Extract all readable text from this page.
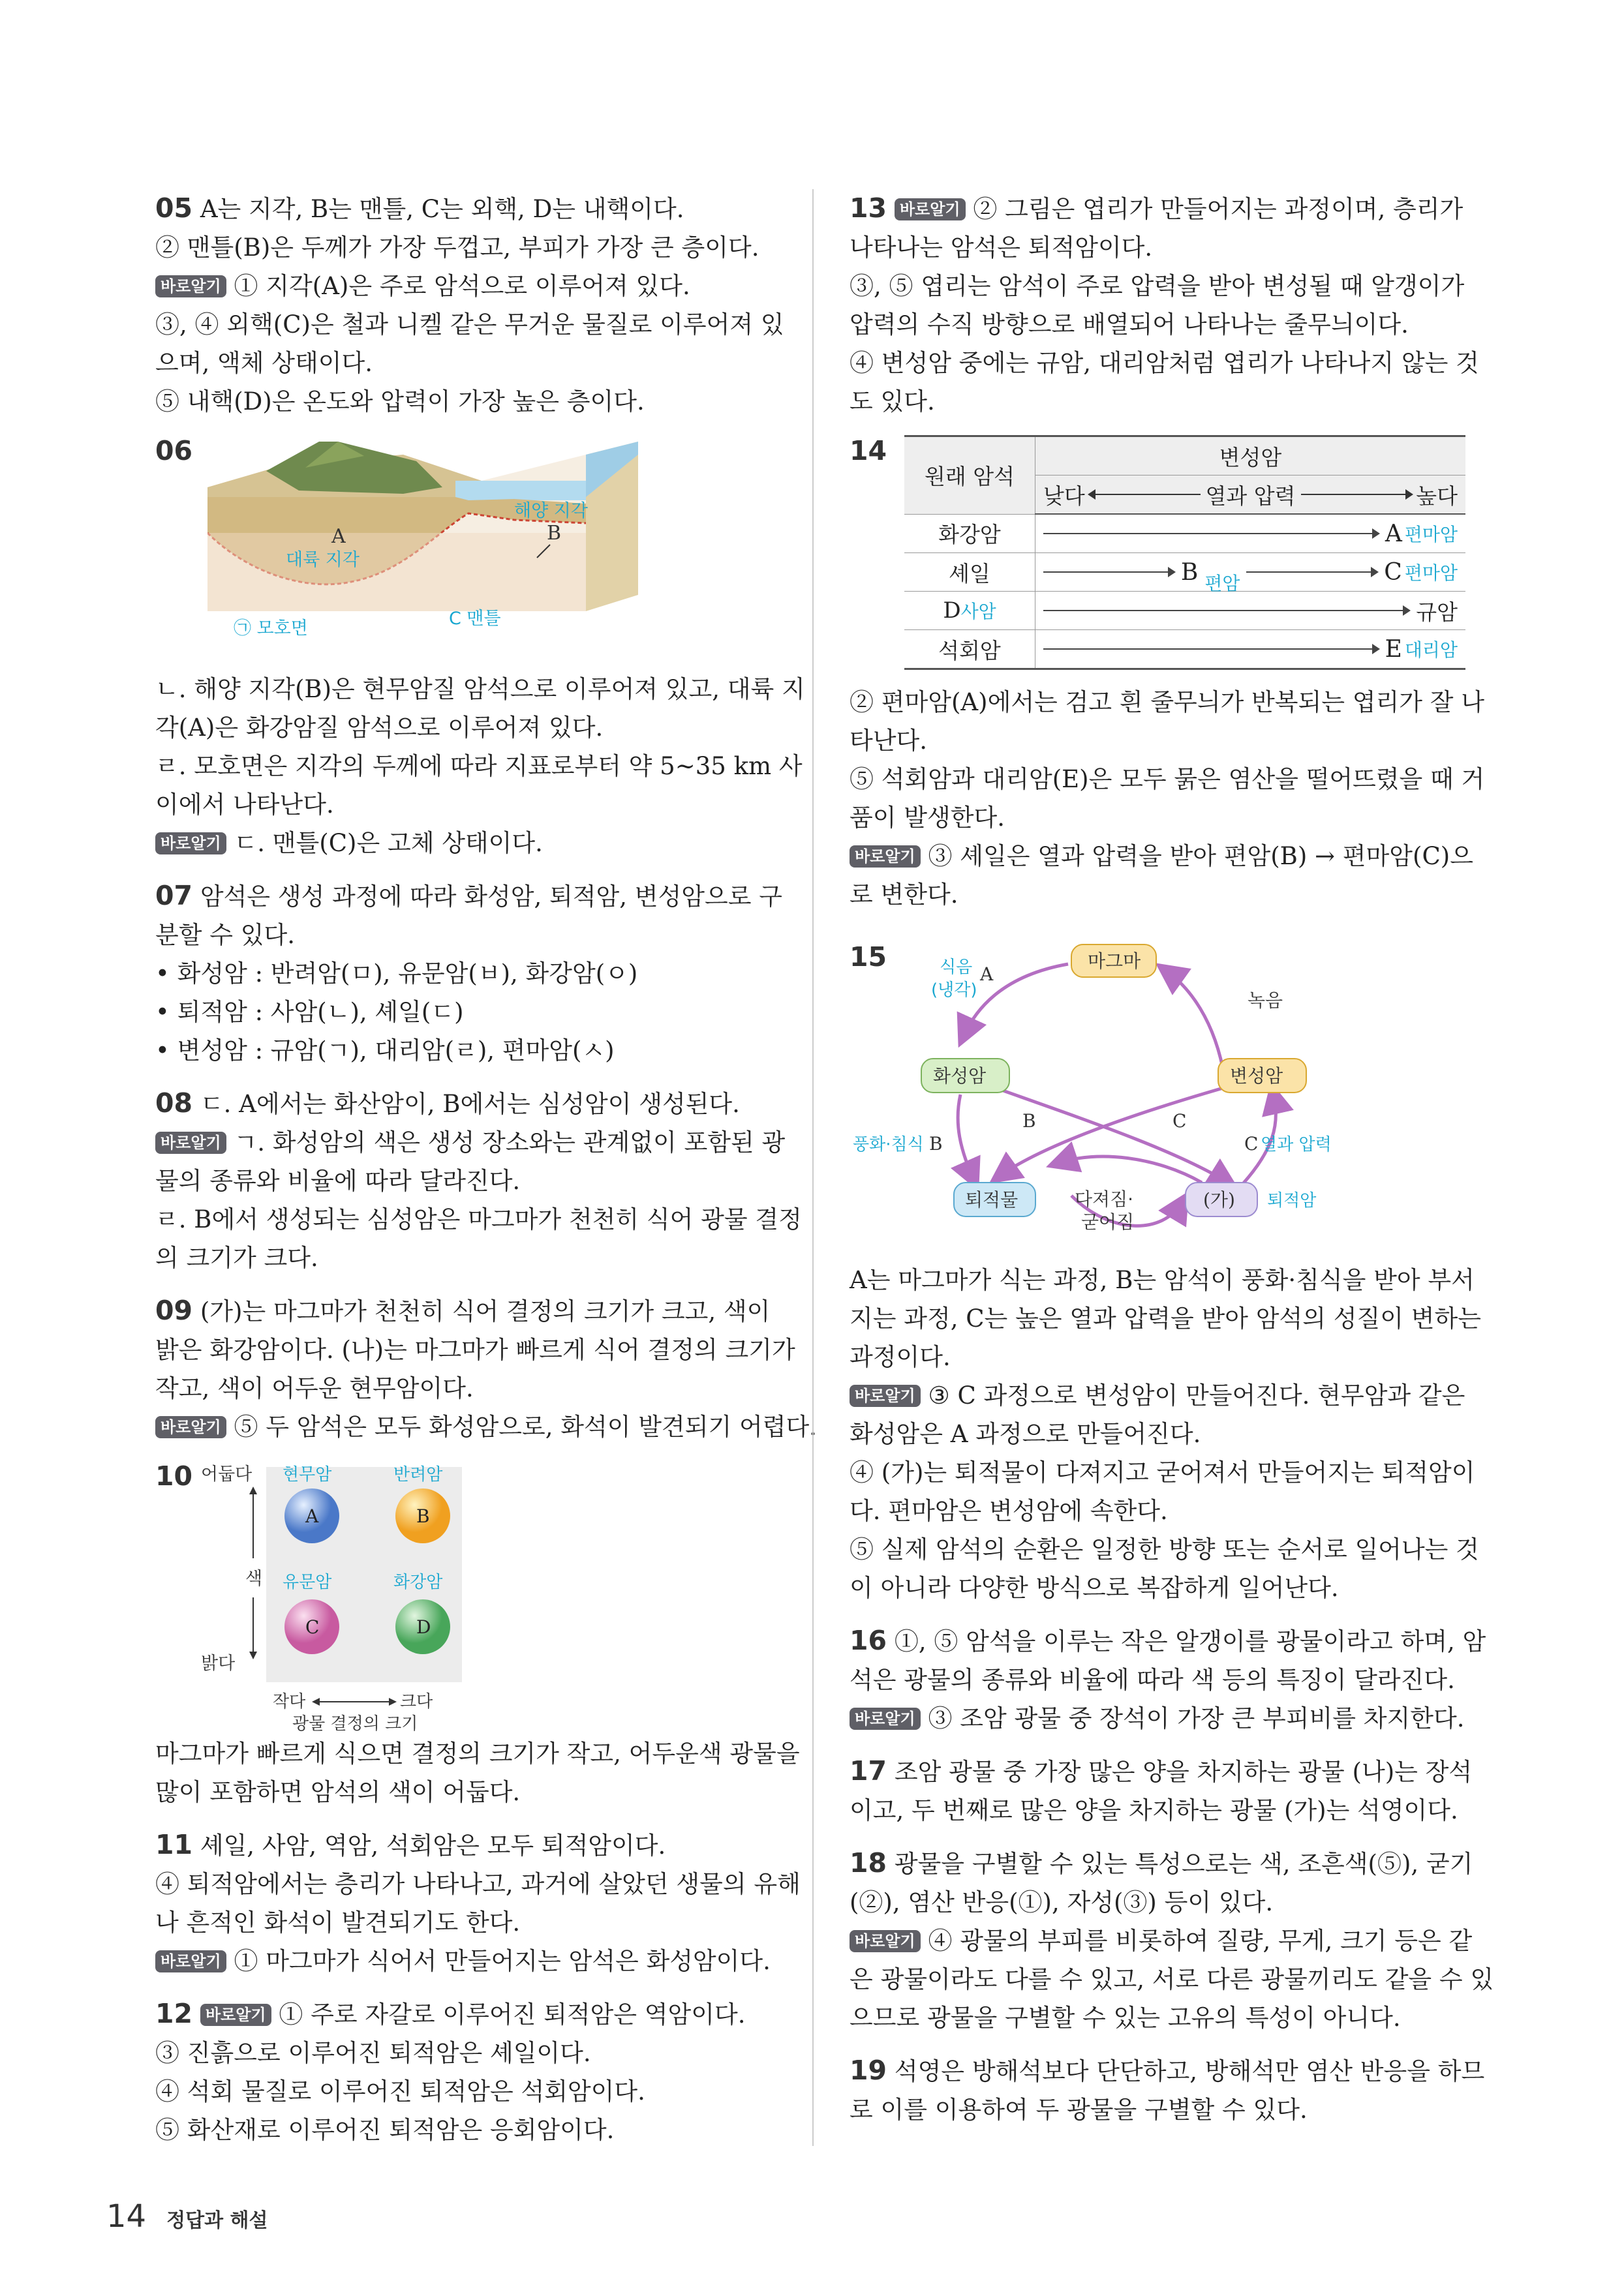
05 A는 지각, B는 맨틀, C는 외핵, D는 내핵이다.
② 맨틀(B)은 두께가 가장 두껍고, 부피가 가장 큰 층이다.
바로알기 ① 지각(A)은 주로 암석으로 이루어져 있다.
③, ④ 외핵(C)은 철과 니켈 같은 무거운 물질로 이루어져 있
으며, 액체 상태이다.
⑤ 내핵(D)은 온도와 압력이 가장 높은 층이다.
06
A
대륙 지각
해양 지각
B
㉠ 모호면	C 맨틀
ㄴ. 해양 지각(B)은 현무암질 암석으로 이루어져 있고, 대륙 지
각(A)은 화강암질 암석으로 이루어져 있다.
ㄹ. 모호면은 지각의 두께에 따라 지표로부터 약 5~35 km 사
이에서 나타난다.
바로알기 ㄷ. 맨틀(C)은 고체 상태이다.
07 암석은 생성 과정에 따라 화성암, 퇴적암, 변성암으로 구
분할 수 있다.
• 화성암 : 반려암(ㅁ), 유문암(ㅂ), 화강암(ㅇ)
• 퇴적암 : 사암(ㄴ), 셰일(ㄷ)
• 변성암 : 규암(ㄱ), 대리암(ㄹ), 편마암(ㅅ)
08 ㄷ. A에서는 화산암이, B에서는 심성암이 생성된다.
바로알기 ㄱ. 화성암의 색은 생성 장소와는 관계없이 포함된 광
물의 종류와 비율에 따라 달라진다.
ㄹ. B에서 생성되는 심성암은 마그마가 천천히 식어 광물 결정
의 크기가 크다.
09 (가)는 마그마가 천천히 식어 결정의 크기가 크고, 색이
밝은 화강암이다. (나)는 마그마가 빠르게 식어 결정의 크기가
작고, 색이 어두운 현무암이다.
바로알기 ⑤ 두 암석은 모두 화성암으로, 화석이 발견되기 어렵다.
10 어둡다
밝다
색
현무암	반려암
A	B
유문암	화강암
C	D
작다	크다
광물 결정의 크기
마그마가 빠르게 식으면 결정의 크기가 작고, 어두운색 광물을
많이 포함하면 암석의 색이 어둡다.
11 셰일, 사암, 역암, 석회암은 모두 퇴적암이다.
④ 퇴적암에서는 층리가 나타나고, 과거에 살았던 생물의 유해
나 흔적인 화석이 발견되기도 한다.
바로알기 ① 마그마가 식어서 만들어지는 암석은 화성암이다.
12 바로알기 ① 주로 자갈로 이루어진 퇴적암은 역암이다.
③ 진흙으로 이루어진 퇴적암은 셰일이다.
④ 석회 물질로 이루어진 퇴적암은 석회암이다.
⑤ 화산재로 이루어진 퇴적암은 응회암이다.
13 바로알기 ② 그림은 엽리가 만들어지는 과정이며, 층리가
나타나는 암석은 퇴적암이다.
③, ⑤ 엽리는 암석이 주로 압력을 받아 변성될 때 알갱이가
압력의 수직 방향으로 배열되어 나타나는 줄무늬이다.
④ 변성암 중에는 규암, 대리암처럼 엽리가 나타나지 않는 것
도 있다.
14
원래 암석	변성암

	낮다 열과 압력 높다

화강암	A 편마암

셰일	B 편암 C 편마암

D사암	규암

석회암	E 대리암
② 편마암(A)에서는 검고 흰 줄무늬가 반복되는 엽리가 잘 나
타난다.
⑤ 석회암과 대리암(E)은 모두 묽은 염산을 떨어뜨렸을 때 거
품이 발생한다.
바로알기 ③ 셰일은 열과 압력을 받아 편암(B) → 편마암(C)으
로 변한다.
15	마그마
화성암	변성암
퇴적물	(가)
식음
(냉각)
A
녹음
풍화·침식 B
B	C
C 열과 압력
퇴적암
다져짐·
굳어짐
A는 마그마가 식는 과정, B는 암석이 풍화·침식을 받아 부서
지는 과정, C는 높은 열과 압력을 받아 암석의 성질이 변하는
과정이다.
바로알기 ③ C 과정으로 변성암이 만들어진다. 현무암과 같은
화성암은 A 과정으로 만들어진다.
④ (가)는 퇴적물이 다져지고 굳어져서 만들어지는 퇴적암이
다. 편마암은 변성암에 속한다.
⑤ 실제 암석의 순환은 일정한 방향 또는 순서로 일어나는 것
이 아니라 다양한 방식으로 복잡하게 일어난다.
16 ①, ⑤ 암석을 이루는 작은 알갱이를 광물이라고 하며, 암
석은 광물의 종류와 비율에 따라 색 등의 특징이 달라진다.
바로알기 ③ 조암 광물 중 장석이 가장 큰 부피비를 차지한다.
17 조암 광물 중 가장 많은 양을 차지하는 광물 (나)는 장석
이고, 두 번째로 많은 양을 차지하는 광물 (가)는 석영이다.
18 광물을 구별할 수 있는 특성으로는 색, 조흔색(⑤), 굳기
(②), 염산 반응(①), 자성(③) 등이 있다.
바로알기 ④ 광물의 부피를 비롯하여 질량, 무게, 크기 등은 같
은 광물이라도 다를 수 있고, 서로 다른 광물끼리도 같을 수 있
으므로 광물을 구별할 수 있는 고유의 특성이 아니다.
19 석영은 방해석보다 단단하고, 방해석만 염산 반응을 하므
로 이를 이용하여 두 광물을 구별할 수 있다.
14 정답과 해설
